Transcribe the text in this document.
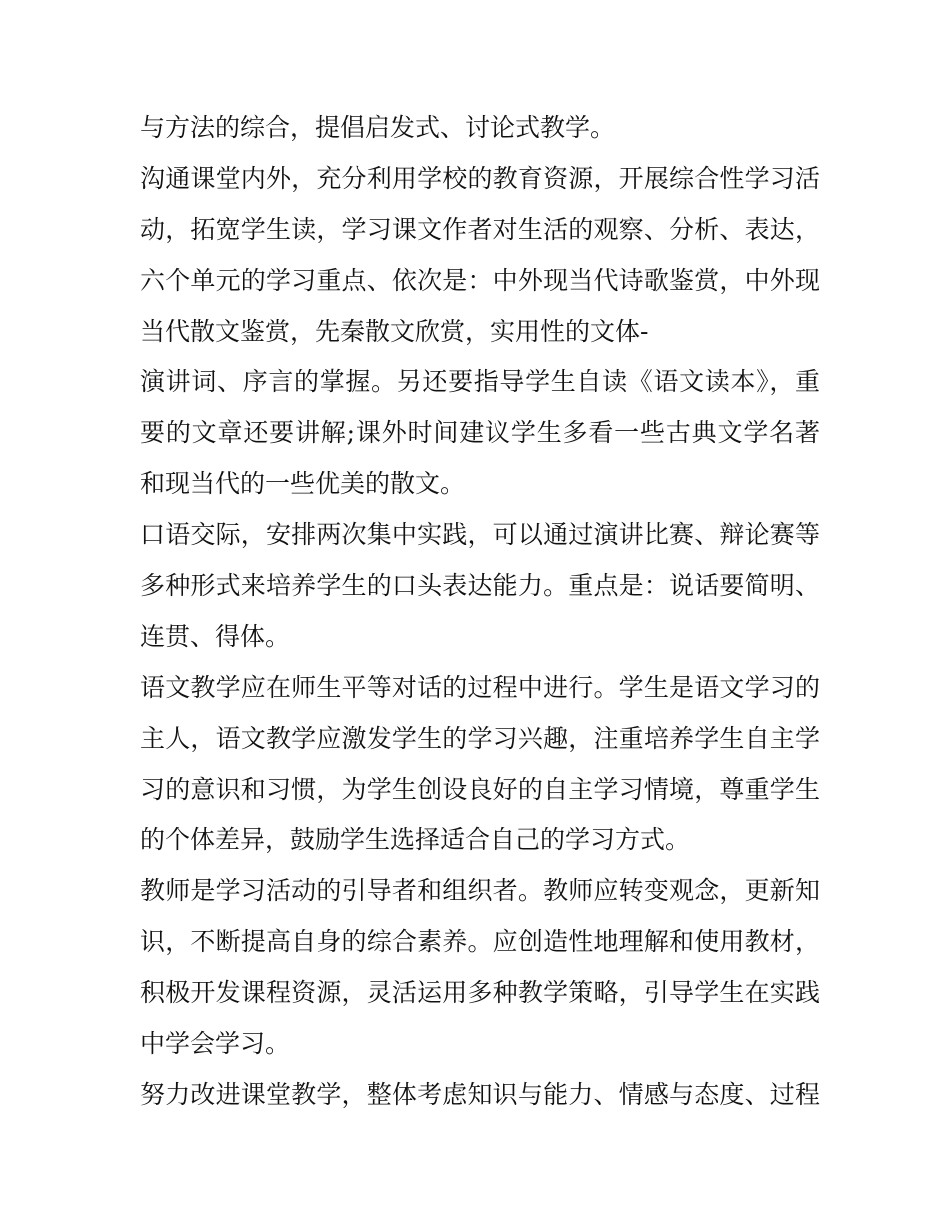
与方法的综合，提倡启发式、讨论式教学。
沟通课堂内外，充分利用学校的教育资源，开展综合性学习活
动，拓宽学生读，学习课文作者对生活的观察、分析、表达，
六个单元的学习重点、依次是：中外现当代诗歌鉴赏，中外现
当代散文鉴赏，先秦散文欣赏，实用性的文体-
演讲词、序言的掌握。另还要指导学生自读《语文读本》，重
要的文章还要讲解;课外时间建议学生多看一些古典文学名著
和现当代的一些优美的散文。
口语交际，安排两次集中实践，可以通过演讲比赛、辩论赛等
多种形式来培养学生的口头表达能力。重点是：说话要简明、
连贯、得体。
语文教学应在师生平等对话的过程中进行。学生是语文学习的
主人，语文教学应激发学生的学习兴趣，注重培养学生自主学
习的意识和习惯，为学生创设良好的自主学习情境，尊重学生
的个体差异，鼓励学生选择适合自己的学习方式。
教师是学习活动的引导者和组织者。教师应转变观念，更新知
识，不断提高自身的综合素养。应创造性地理解和使用教材，
积极开发课程资源，灵活运用多种教学策略，引导学生在实践
中学会学习。
努力改进课堂教学，整体考虑知识与能力、情感与态度、过程
